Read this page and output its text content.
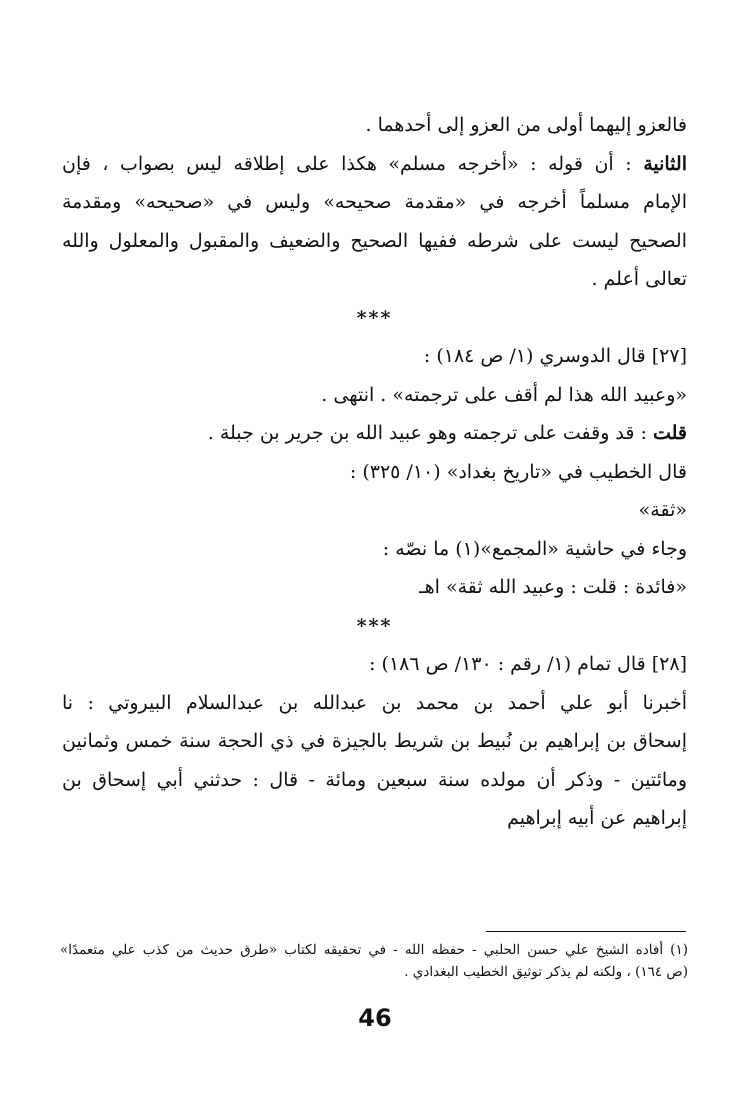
فالعزو إليهما أولى من العزو إلى أحدهما .
الثانية : أن قوله : «أخرجه مسلم» هكذا على إطلاقه ليس بصواب ، فإن
الإمام مسلماً أخرجه في «مقدمة صحيحه» وليس في «صحيحه» ومقدمة
الصحيح ليست على شرطه ففيها الصحيح والضعيف والمقبول والمعلول والله
تعالى أعلم .
***
[٢٧] قال الدوسري (١/ ص ١٨٤) :
«وعبيد الله هذا لم أقف على ترجمته» . انتهى .
قلت : قد وقفت على ترجمته وهو عبيد الله بن جرير بن جبلة .
قال الخطيب في «تاريخ بغداد» (١٠/ ٣٢٥) :
«ثقة»
وجاء في حاشية «المجمع»(١) ما نصّه :
«فائدة : قلت : وعبيد الله ثقة» اهـ
***
[٢٨] قال تمام (١/ رقم : ١٣٠/ ص ١٨٦) :
أخبرنا أبو علي أحمد بن محمد بن عبدالله بن عبدالسلام البيروتي : نا
إسحاق بن إبراهيم بن نُبيط بن شريط بالجيزة في ذي الحجة سنة خمس وثمانين
ومائتين - وذكر أن مولده سنة سبعين ومائة - قال : حدثني أبي إسحاق بن
إبراهيم عن أبيه إبراهيم
(١) أفاده الشيخ علي حسن الحلبي - حفظه الله - في تحقيقه لكتاب «طرق حديث من كذب علي متعمدًا»
(ص ١٦٤) ، ولكنه لم يذكر توثيق الخطيب البغدادي .
46
